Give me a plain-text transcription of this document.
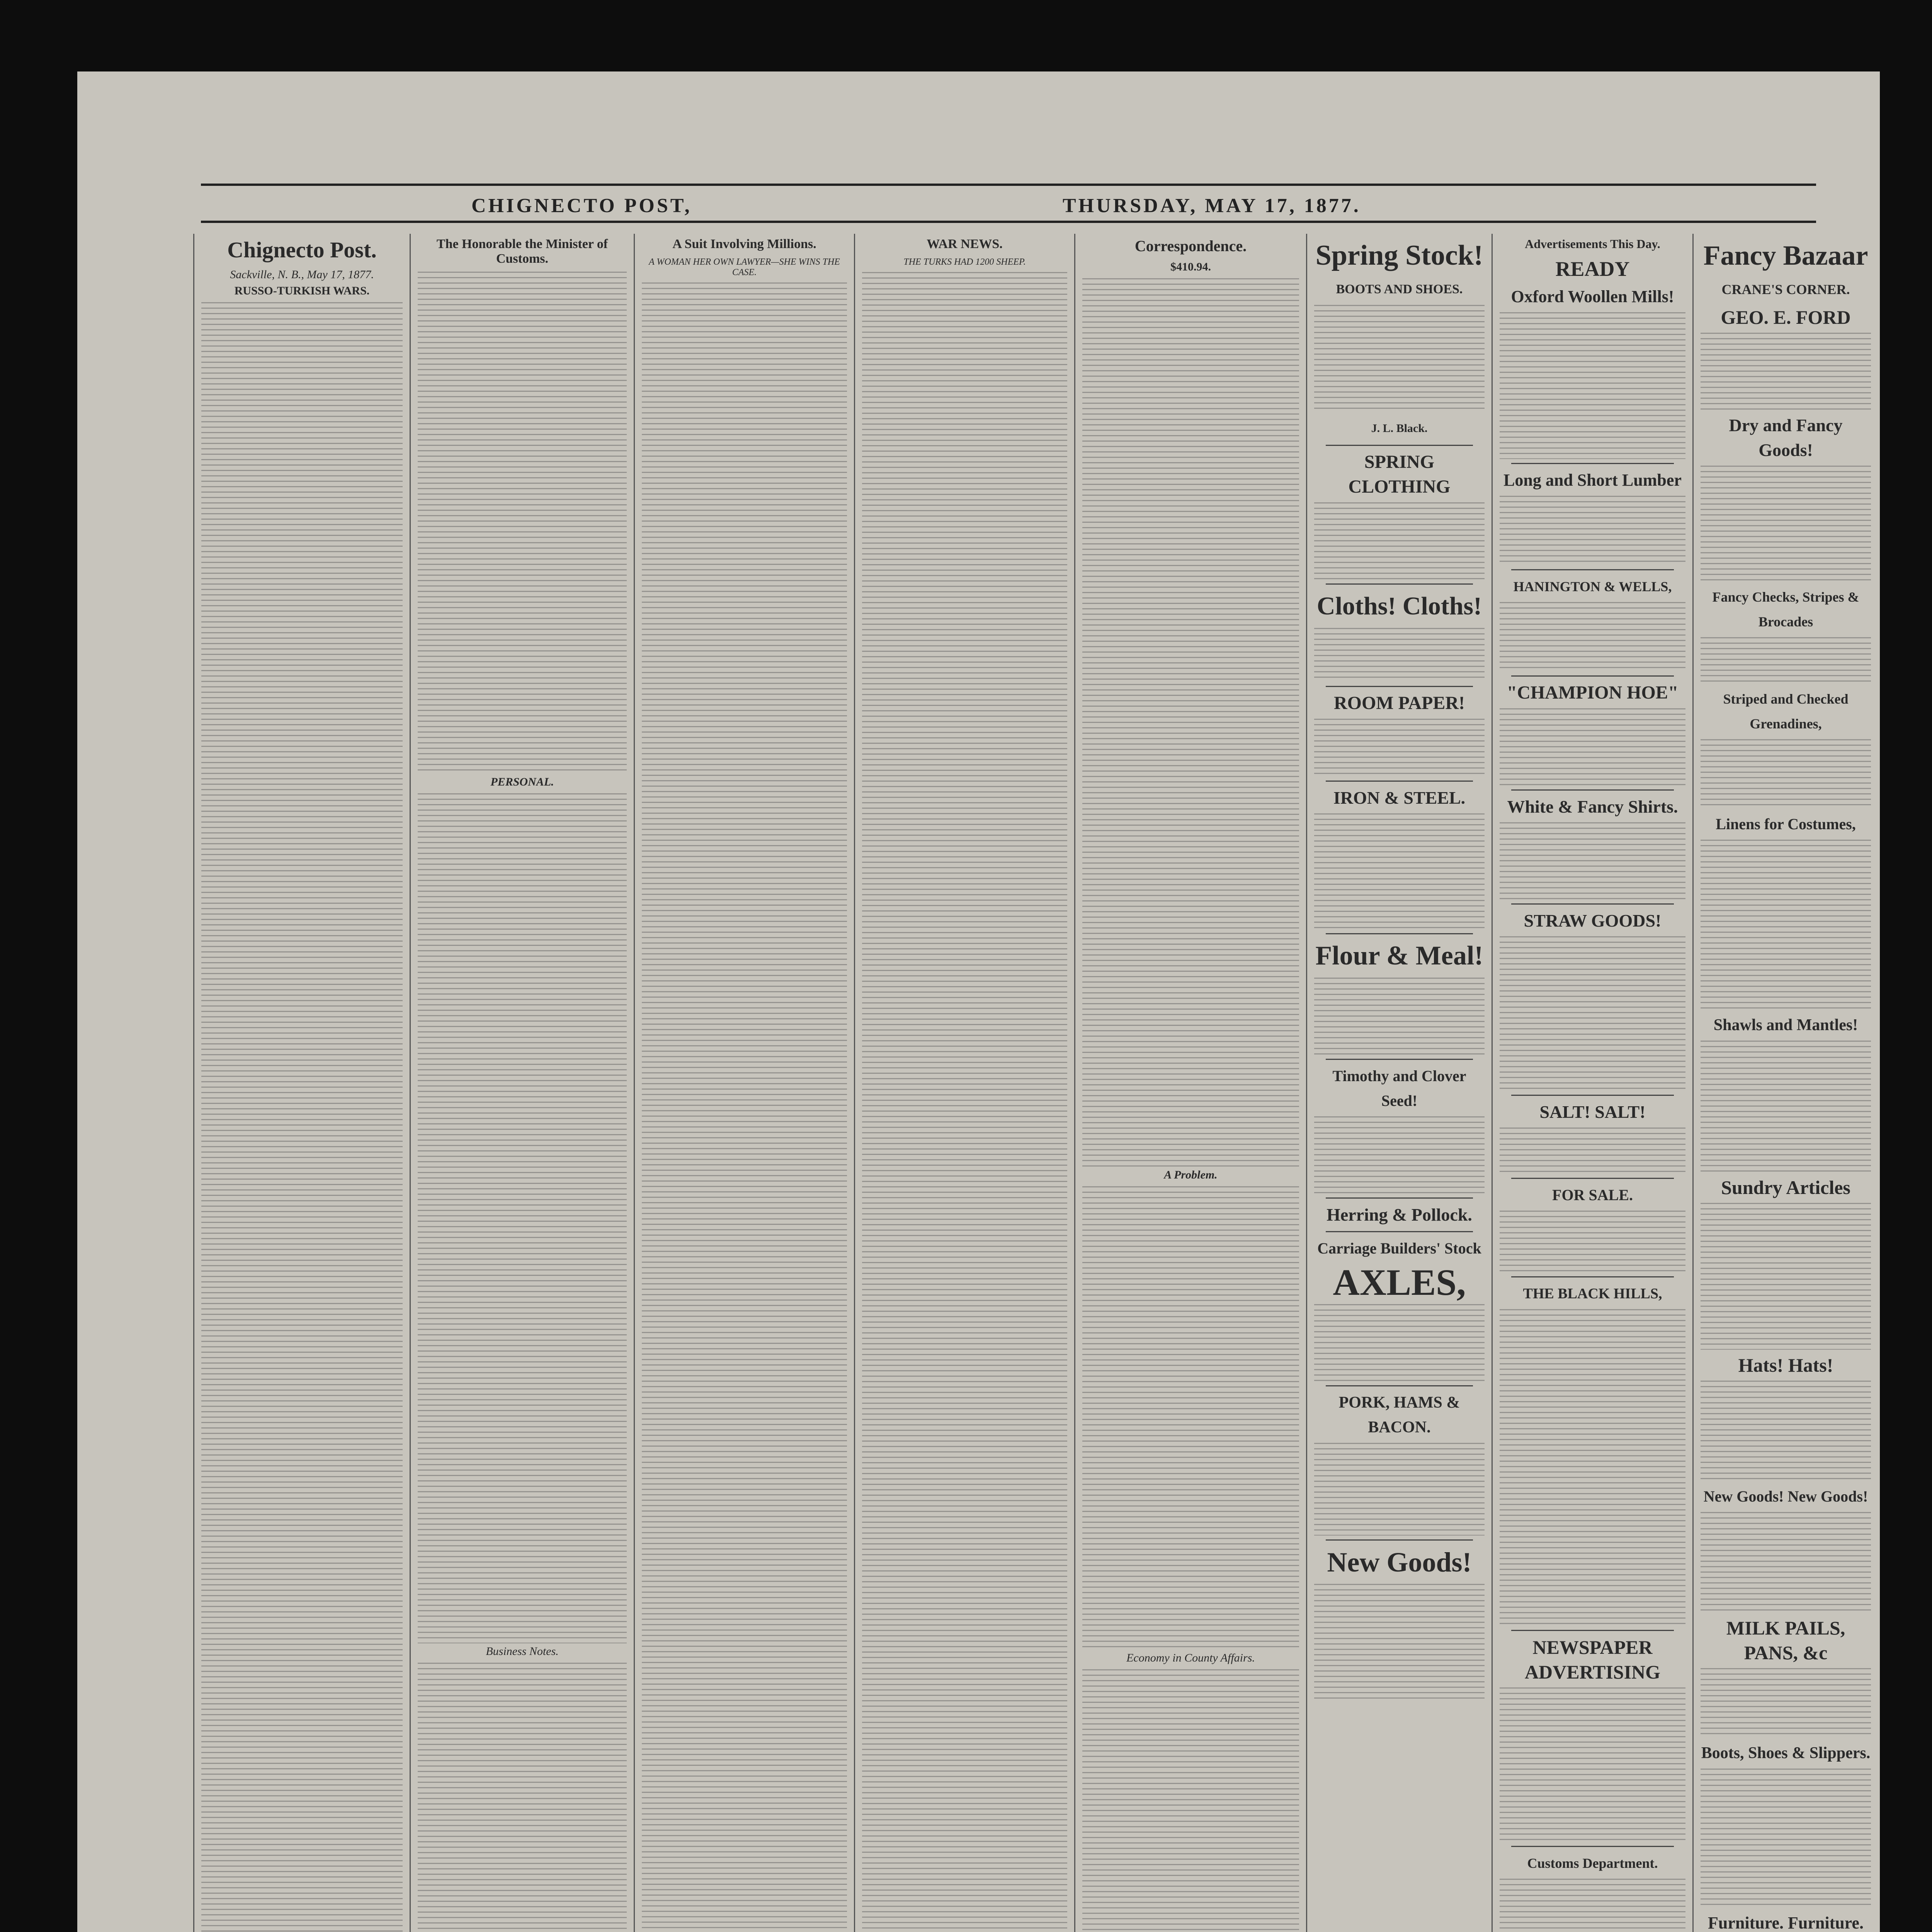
CHIGNECTO POST,	THURSDAY, MAY 17, 1877.
Chignecto Post.
Sackville, N. B., May 17, 1877.
RUSSO-TURKISH WARS.
The Honorable the Minister of Customs.
PERSONAL.
Business Notes.
A Suit Involving Millions.
A WOMAN HER OWN LAWYER—SHE WINS THE CASE.
WAR NEWS.
THE TURKS HAD 1200 SHEEP.
Correspondence.
$410.94.
A Problem.
Economy in County Affairs.
Spring Stock!
BOOTS AND SHOES.
J. L. Black.
SPRING CLOTHING
Cloths! Cloths!
ROOM PAPER!
IRON & STEEL.
Flour & Meal!
Timothy and Clover Seed!
Herring & Pollock.
Carriage Builders' Stock
AXLES,
PORK, HAMS & BACON.
New Goods!
Advertisements This Day.
READY
Oxford Woollen Mills!
Long and Short Lumber
HANINGTON & WELLS,
"CHAMPION HOE"
White & Fancy Shirts.
STRAW GOODS!
SALT! SALT!
FOR SALE.
THE BLACK HILLS,
NEWSPAPER ADVERTISING
Customs Department.
Fancy Bazaar
CRANE'S CORNER.
GEO. E. FORD
Dry and Fancy Goods!
Fancy Checks, Stripes & Brocades
Striped and Checked Grenadines,
Linens for Costumes,
Shawls and Mantles!
Sundry Articles
Hats! Hats!
New Goods! New Goods!
MILK PAILS, PANS, &c
Boots, Shoes & Slippers.
Furniture. Furniture.
